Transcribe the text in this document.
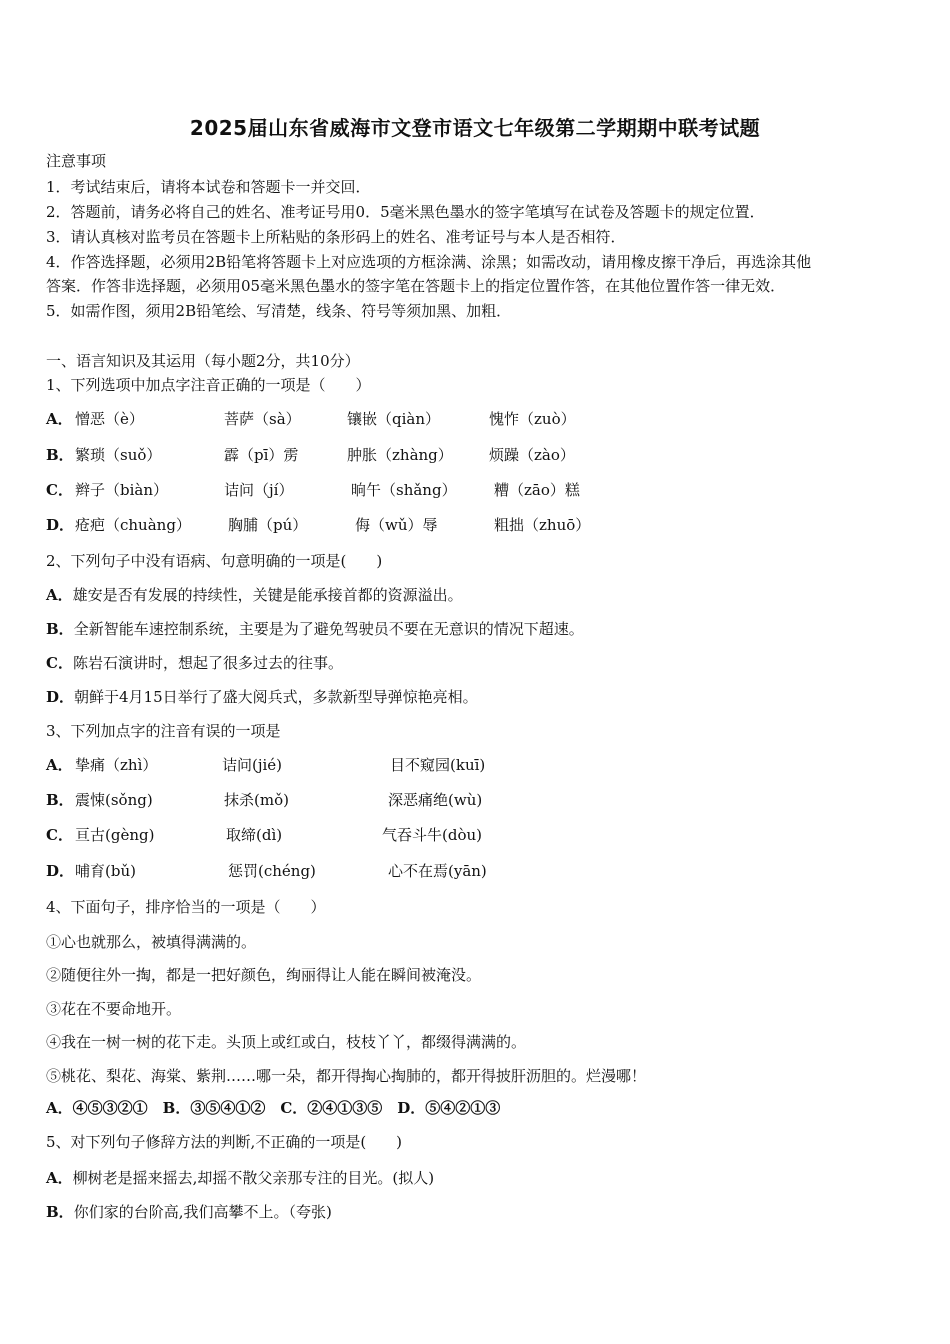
2025届山东省威海市文登市语文七年级第二学期期中联考试题
注意事项
1．考试结束后，请将本试卷和答题卡一并交回．
2．答题前，请务必将自己的姓名、准考证号用0．5毫米黑色墨水的签字笔填写在试卷及答题卡的规定位置．
3．请认真核对监考员在答题卡上所粘贴的条形码上的姓名、准考证号与本人是否相符．
4．作答选择题，必须用2B铅笔将答题卡上对应选项的方框涂满、涂黑；如需改动，请用橡皮擦干净后，再选涂其他
答案．作答非选择题，必须用05毫米黑色墨水的签字笔在答题卡上的指定位置作答，在其他位置作答一律无效．
5．如需作图，须用2B铅笔绘、写清楚，线条、符号等须加黑、加粗．
一、语言知识及其运用（每小题2分，共10分）
1、下列选项中加点字注音正确的一项是（　　）
A． 憎恶（è）	菩萨（sà）	镶嵌（qiàn）	愧怍（zuò）
B． 繁琐（suǒ）	霹（pī）雳	肿胀（zhàng） 烦躁（zào）
C． 辫子（biàn）	诘问（jí）	晌午（shǎng） 糟（zāo）糕
D． 疮疤（chuàng） 胸脯（pú）	侮（wǔ）辱	粗拙（zhuō）
2、下列句子中没有语病、句意明确的一项是(　　)
A．雄安是否有发展的持续性，关键是能承接首都的资源溢出。
B．全新智能车速控制系统，主要是为了避免驾驶员不要在无意识的情况下超速。
C．陈岩石演讲时，想起了很多过去的往事。
D．朝鲜于4月15日举行了盛大阅兵式，多款新型导弹惊艳亮相。
3、下列加点字的注音有误的一项是
A． 挚痛（zhì）	诘问(jié)	目不窥园(kuī)
B． 震悚(sǒng)	抹杀(mǒ)	深恶痛绝(wù)
C． 亘古(gèng)	取缔(dì)	气吞斗牛(dòu)
D． 哺育(bǔ)	惩罚(chéng)	心不在焉(yān)
4、下面句子，排序恰当的一项是（　　）
①心也就那么，被填得满满的。
②随便往外一掏，都是一把好颜色，绚丽得让人能在瞬间被淹没。
③花在不要命地开。
④我在一树一树的花下走。头顶上或红或白，枝枝丫丫，都缀得满满的。
⑤桃花、梨花、海棠、紫荆……哪一朵，都开得掏心掏肺的，都开得披肝沥胆的。烂漫哪！
A．④⑤③②①　B．③⑤④①②　C．②④①③⑤　D．⑤④②①③
5、对下列句子修辞方法的判断,不正确的一项是(　　)
A．柳树老是摇来摇去,却摇不散父亲那专注的目光。(拟人)
B．你们家的台阶高,我们高攀不上。（夸张)
